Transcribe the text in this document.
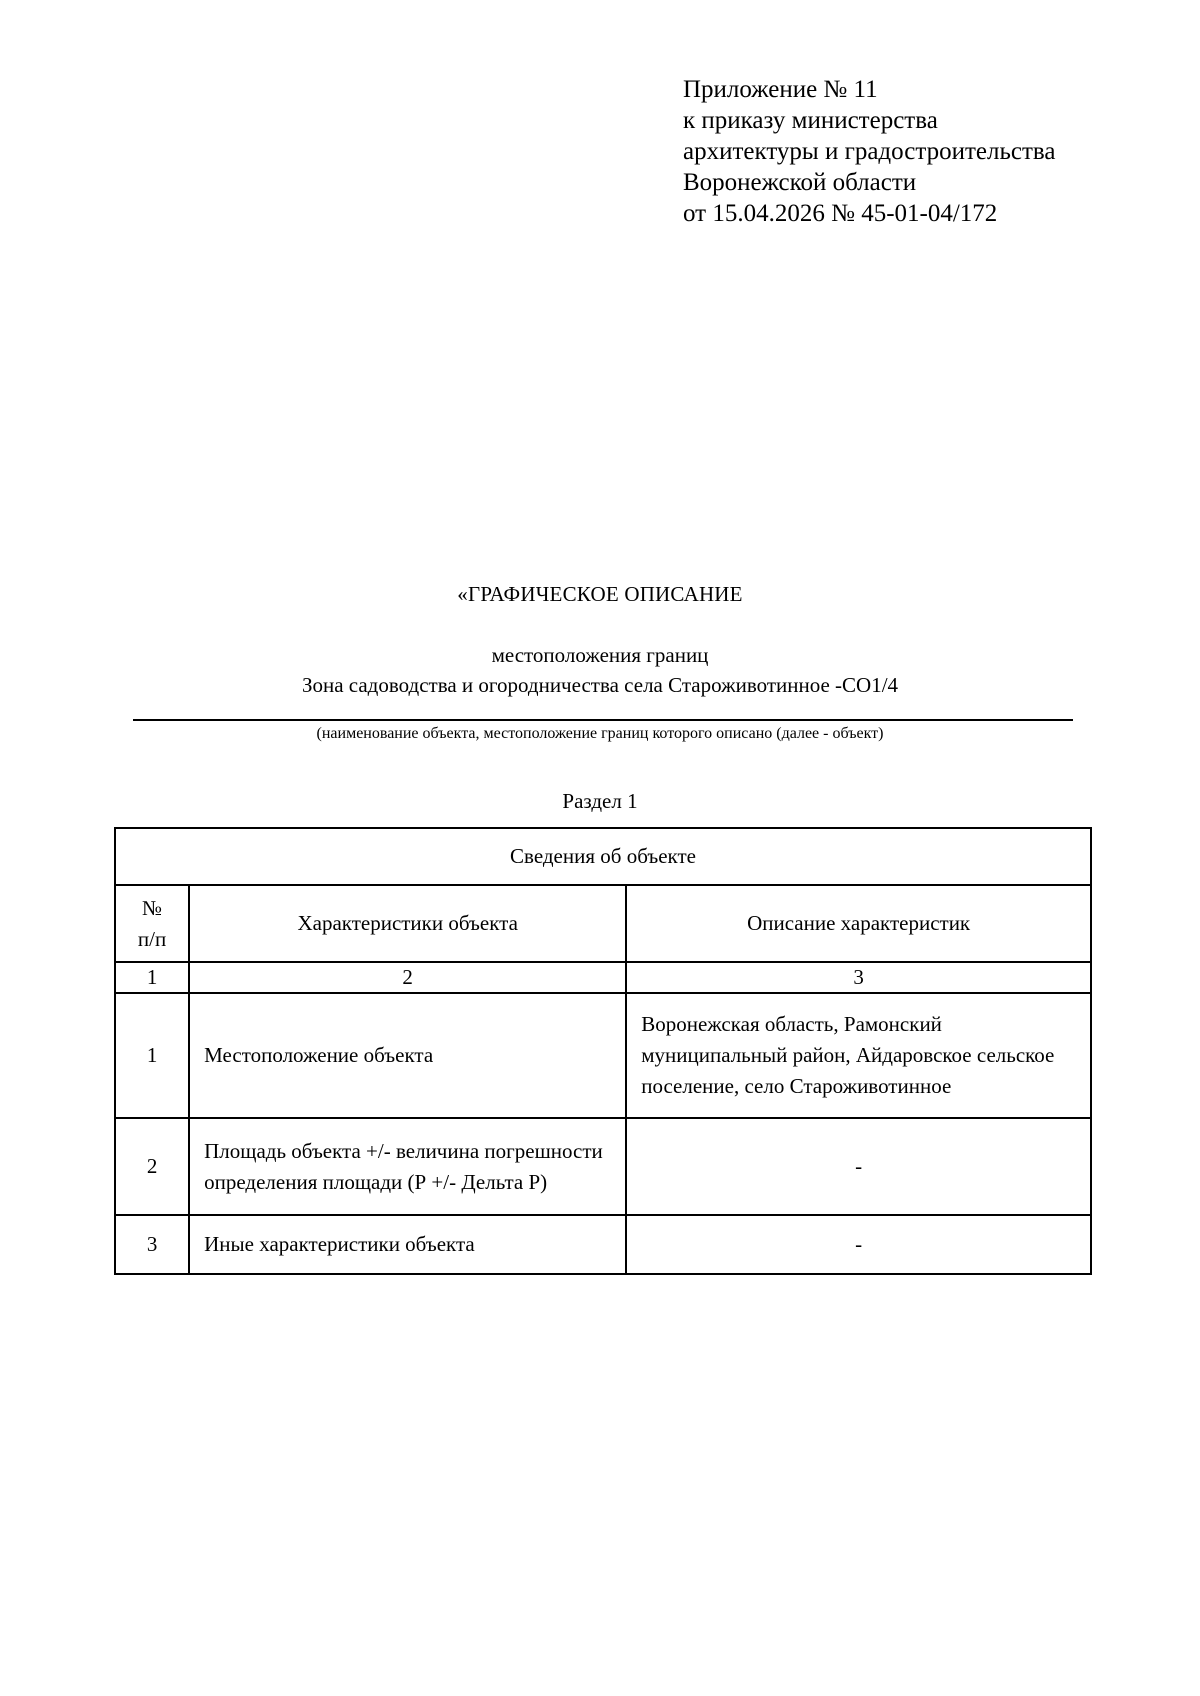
Приложение № 11
к приказу министерства
архитектуры и градостроительства
Воронежской области
от 15.04.2026 № 45-01-04/172
«ГРАФИЧЕСКОЕ ОПИСАНИЕ
местоположения границ
Зона садоводства и огородничества села Староживотинное -СО1/4
(наименование объекта, местоположение границ которого описано (далее - объект)
Раздел 1
Сведения об объекте		
№
п/п	Характеристики объекта	Описание характеристик
1	2	3
1	Местоположение объекта	Воронежская область, Рамонский муниципальный район, Айдаровское сельское поселение, село Староживотинное
2	Площадь объекта +/- величина погрешности определения площади (Р +/- Дельта Р)	-
3	Иные характеристики объекта	-
